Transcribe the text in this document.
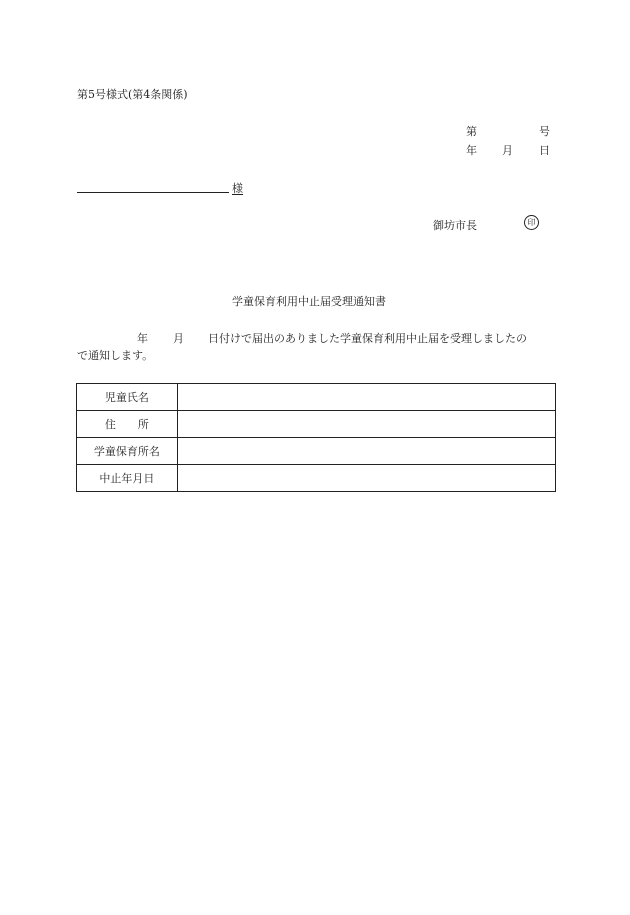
第5号様式(第4条関係)
第	号
年 月 日
様
御坊市長	印
学童保育利用中止届受理通知書
年 月 日付けで届出のありました学童保育利用中止届を受理しましたの
で通知します。
児童氏名	
住　　所	
学童保育所名	
中止年月日	
